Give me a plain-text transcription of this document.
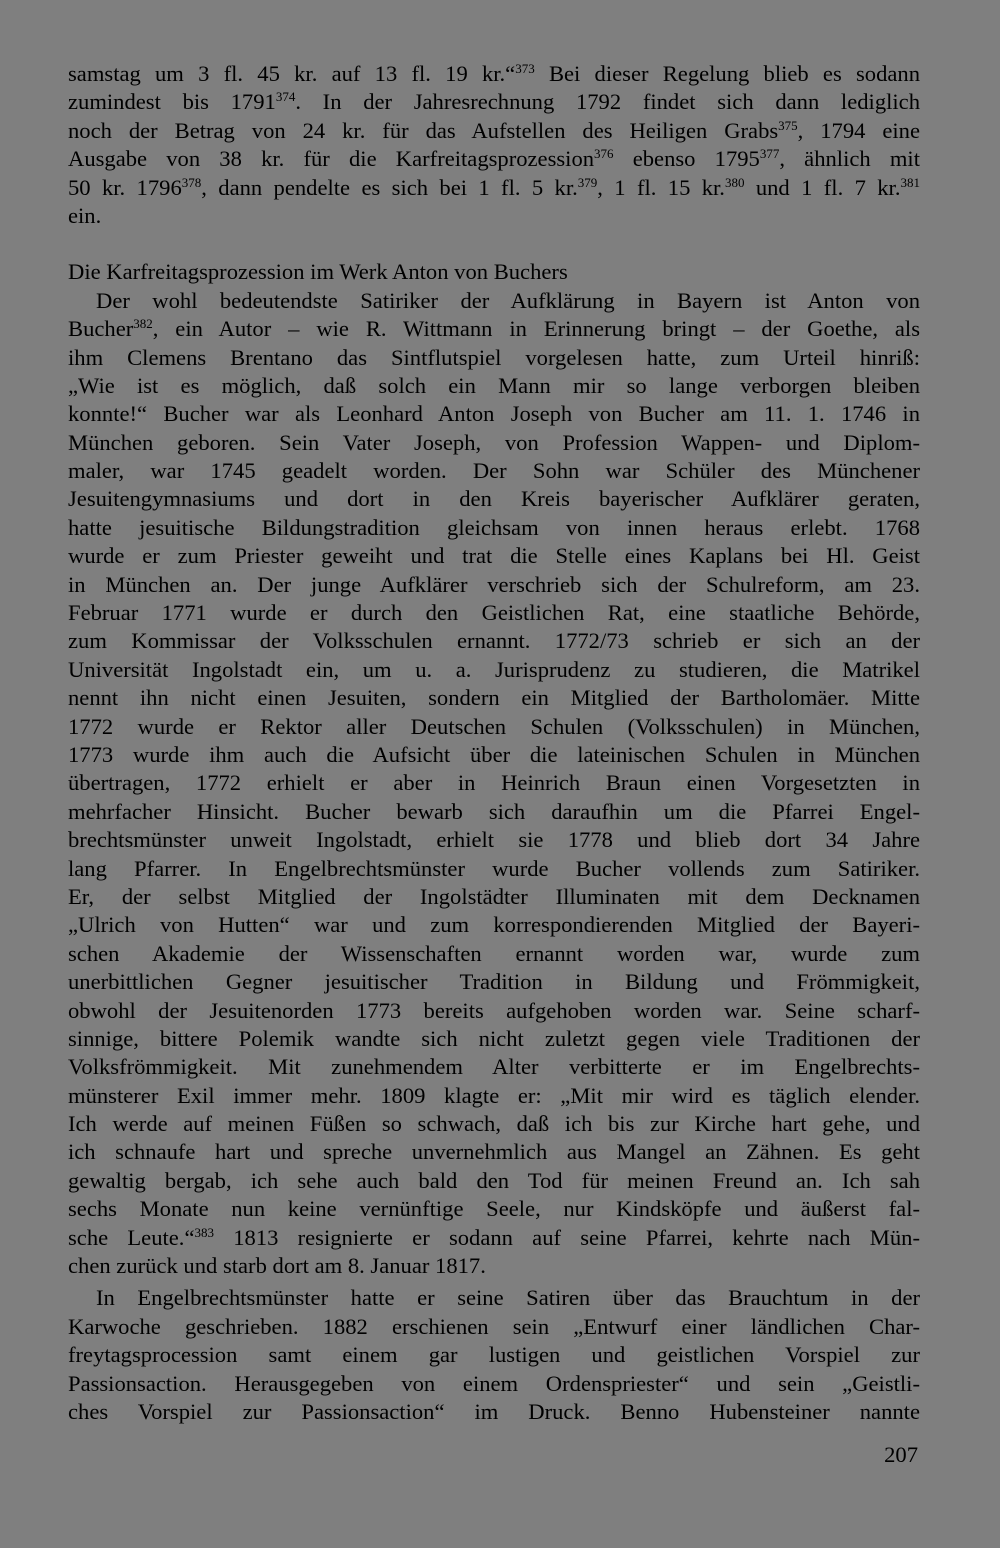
samstag um 3 fl. 45 kr. auf 13 fl. 19 kr.“$^{373}$ Bei dieser Regelung blieb es sodann
zumindest bis 1791$^{374}$. In der Jahresrechnung 1792 findet sich dann lediglich
noch der Betrag von 24 kr. für das Aufstellen des Heiligen Grabs$^{375}$, 1794 eine
Ausgabe von 38 kr. für die Karfreitagsprozession$^{376}$ ebenso 1795$^{377}$, ähnlich mit
50 kr. 1796$^{378}$, dann pendelte es sich bei 1 fl. 5 kr.$^{379}$, 1 fl. 15 kr.$^{380}$ und 1 fl. 7 kr.$^{381}$
ein.
Die Karfreitagsprozession im Werk Anton von Buchers
Der wohl bedeutendste Satiriker der Aufklärung in Bayern ist Anton von
Bucher$^{382}$, ein Autor – wie R. Wittmann in Erinnerung bringt – der Goethe, als
ihm Clemens Brentano das Sintflutspiel vorgelesen hatte, zum Urteil hinriß:
„Wie ist es möglich, daß solch ein Mann mir so lange verborgen bleiben
konnte!“ Bucher war als Leonhard Anton Joseph von Bucher am 11. 1. 1746 in
München geboren. Sein Vater Joseph, von Profession Wappen- und Diplom-
maler, war 1745 geadelt worden. Der Sohn war Schüler des Münchener
Jesuitengymnasiums und dort in den Kreis bayerischer Aufklärer geraten,
hatte jesuitische Bildungstradition gleichsam von innen heraus erlebt. 1768
wurde er zum Priester geweiht und trat die Stelle eines Kaplans bei Hl. Geist
in München an. Der junge Aufklärer verschrieb sich der Schulreform, am 23.
Februar 1771 wurde er durch den Geistlichen Rat, eine staatliche Behörde,
zum Kommissar der Volksschulen ernannt. 1772/73 schrieb er sich an der
Universität Ingolstadt ein, um u. a. Jurisprudenz zu studieren, die Matrikel
nennt ihn nicht einen Jesuiten, sondern ein Mitglied der Bartholomäer. Mitte
1772 wurde er Rektor aller Deutschen Schulen (Volksschulen) in München,
1773 wurde ihm auch die Aufsicht über die lateinischen Schulen in München
übertragen, 1772 erhielt er aber in Heinrich Braun einen Vorgesetzten in
mehrfacher Hinsicht. Bucher bewarb sich daraufhin um die Pfarrei Engel-
brechtsmünster unweit Ingolstadt, erhielt sie 1778 und blieb dort 34 Jahre
lang Pfarrer. In Engelbrechtsmünster wurde Bucher vollends zum Satiriker.
Er, der selbst Mitglied der Ingolstädter Illuminaten mit dem Decknamen
„Ulrich von Hutten“ war und zum korrespondierenden Mitglied der Bayeri-
schen Akademie der Wissenschaften ernannt worden war, wurde zum
unerbittlichen Gegner jesuitischer Tradition in Bildung und Frömmigkeit,
obwohl der Jesuitenorden 1773 bereits aufgehoben worden war. Seine scharf-
sinnige, bittere Polemik wandte sich nicht zuletzt gegen viele Traditionen der
Volksfrömmigkeit. Mit zunehmendem Alter verbitterte er im Engelbrechts-
münsterer Exil immer mehr. 1809 klagte er: „Mit mir wird es täglich elender.
Ich werde auf meinen Füßen so schwach, daß ich bis zur Kirche hart gehe, und
ich schnaufe hart und spreche unvernehmlich aus Mangel an Zähnen. Es geht
gewaltig bergab, ich sehe auch bald den Tod für meinen Freund an. Ich sah
sechs Monate nun keine vernünftige Seele, nur Kindsköpfe und äußerst fal-
sche Leute.“$^{383}$ 1813 resignierte er sodann auf seine Pfarrei, kehrte nach Mün-
chen zurück und starb dort am 8. Januar 1817.
In Engelbrechtsmünster hatte er seine Satiren über das Brauchtum in der
Karwoche geschrieben. 1882 erschienen sein „Entwurf einer ländlichen Char-
freytagsprocession samt einem gar lustigen und geistlichen Vorspiel zur
Passionsaction. Herausgegeben von einem Ordenspriester“ und sein „Geistli-
ches Vorspiel zur Passionsaction“ im Druck. Benno Hubensteiner nannte
207
